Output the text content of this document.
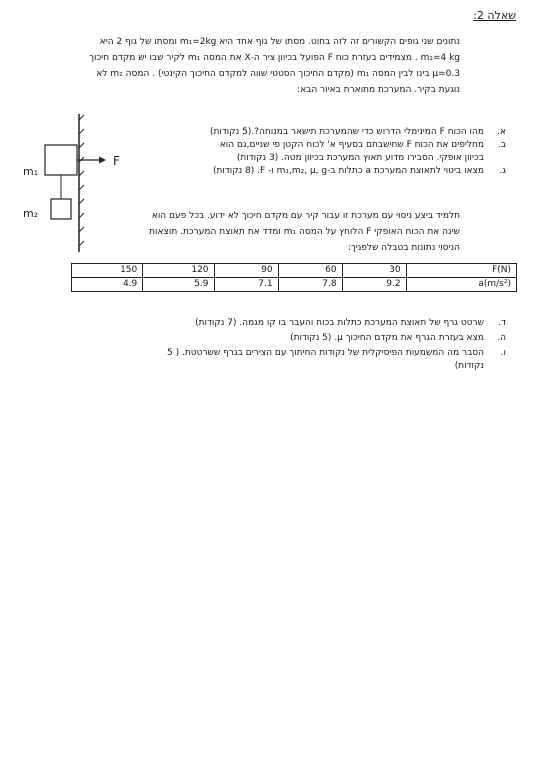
שאלה 2:

נתונים שני גופים הקשורים זה לזה בחוט. מסתו של גוף אחד היא m₁=2kg ומסתו של גוף 2 היא

m₂=4 kg . מצמידים בעזרת כוח F הפועל בכיוון ציר ה-X את המסה m₁ לקיר שבו יש מקדם חיכוך

μ=0.3 בינו לבין המסה m₁ (מקדם החיכוך הסטטי שווה למקדם החיכוך הקינטי) . המסה m₂ לא

נוגעת בקיר. המערכת מתוארת באיור הבא:

m₁
m₂
F
א.
מהו הכוח F המינימלי הדרוש כדי שהמערכת תישאר במנוחה?.(5 נקודות)
ב.
מחליפים את הכוח F שחישבתם בסעיף א' לכוח הקטן פי שניים,גם הוא
בכיוון אופקי. הסבירו מדוע תאוץ המערכת בכיוון מטה. (3 נקודות)
ג.
מצאו ביטוי לתאוצת המערכת a כתלות ב-m₁,m₂, μ, g ו- F. (8 נקודות)

תלמיד ביצע ניסוי עם מערכת זו עבור קיר עם מקדם חיכוך לא ידוע. בכל פעם הוא

שינה את הכוח האופקי F הלוחץ על המסה m₁ ומדד את תאוצת המערכת. תוצאות

הניסוי נתונות בטבלה שלפניך:

150	120	90	60	30	F(N)
4.9	5.9	7.1	7.8	9.2	a(m/s²)
ד.
שרטט גרף של תאוצת המערכת כתלות בכוח והעבר בו קו מגמה. (7 נקודות)
ה.
מצא בעזרת הגרף את מקדם החיכוך μ. (5 נקודות)
ו.
הסבר מה המשמעות הפיסיקלית של נקודות החיתוך עם הצירים בגרף ששרטטת. ( 5
נקודות)
